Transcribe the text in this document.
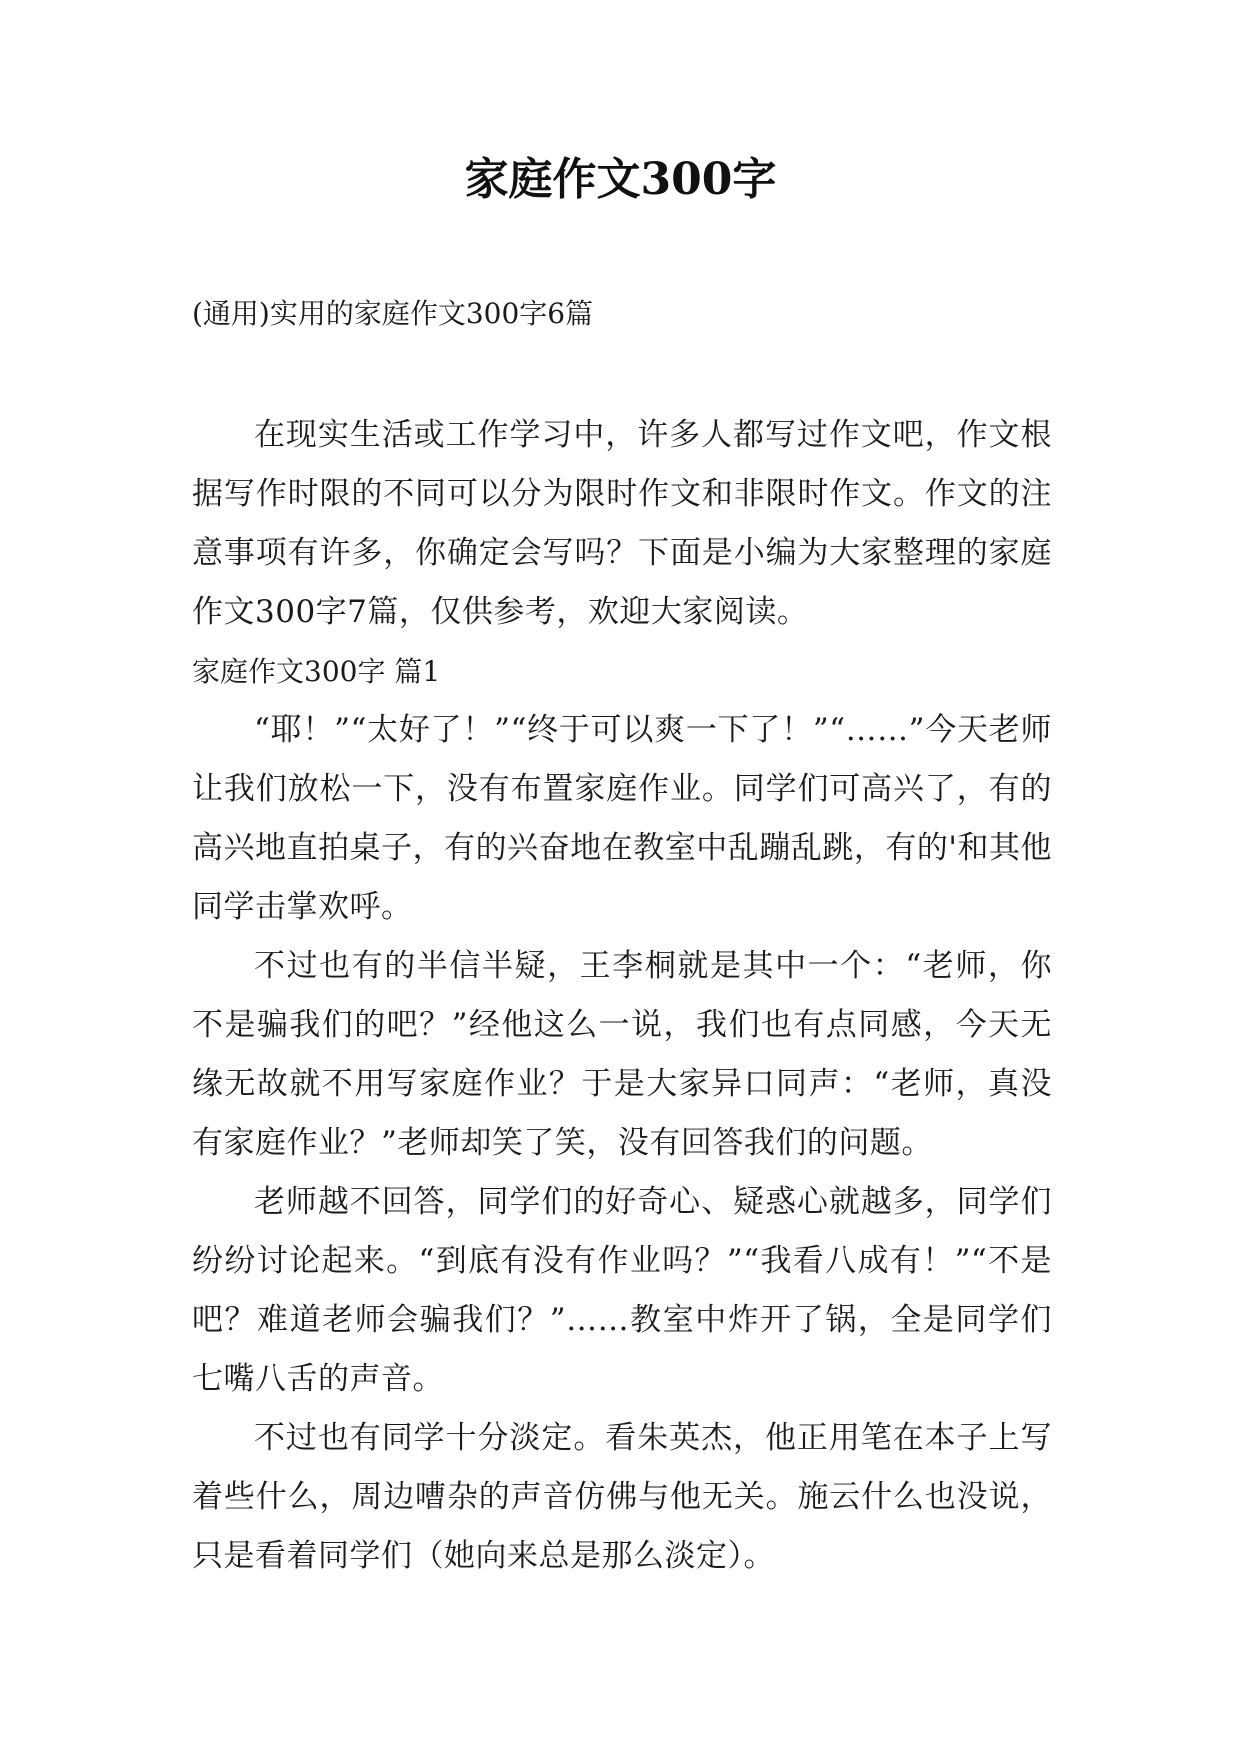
家庭作文300字
(通用)实用的家庭作文300字6篇

在现实生活或工作学习中，许多人都写过作文吧，作文根据写作时限的不同可以分为限时作文和非限时作文。作文的注意事项有许多，你确定会写吗？下面是小编为大家整理的家庭作文300字7篇，仅供参考，欢迎大家阅读。

家庭作文300字 篇1

“耶！”“太好了！”“终于可以爽一下了！”“……”今天老师让我们放松一下，没有布置家庭作业。同学们可高兴了，有的高兴地直拍桌子，有的兴奋地在教室中乱蹦乱跳，有的'和其他同学击掌欢呼。

不过也有的半信半疑，王李桐就是其中一个：“老师，你不是骗我们的吧？”经他这么一说，我们也有点同感，今天无缘无故就不用写家庭作业？于是大家异口同声：“老师，真没有家庭作业？”老师却笑了笑，没有回答我们的问题。

老师越不回答，同学们的好奇心、疑惑心就越多，同学们纷纷讨论起来。“到底有没有作业吗？”“我看八成有！”“不是吧？难道老师会骗我们？”……教室中炸开了锅，全是同学们七嘴八舌的声音。

不过也有同学十分淡定。看朱英杰，他正用笔在本子上写着些什么，周边嘈杂的声音仿佛与他无关。施云什么也没说，只是看着同学们（她向来总是那么淡定）。
